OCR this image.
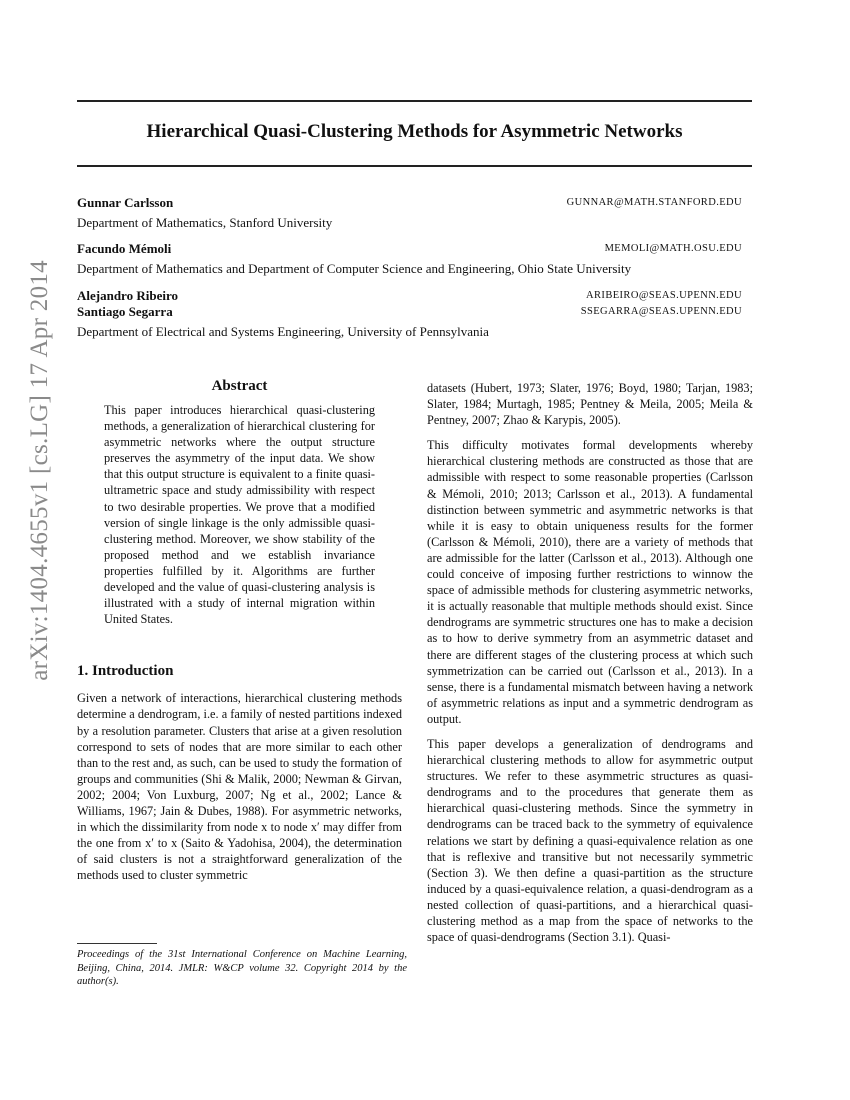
arXiv:1404.4655v1 [cs.LG] 17 Apr 2014
Hierarchical Quasi-Clustering Methods for Asymmetric Networks
Gunnar Carlsson	GUNNAR@MATH.STANFORD.EDU
Department of Mathematics, Stanford University
Facundo Mémoli	MEMOLI@MATH.OSU.EDU
Department of Mathematics and Department of Computer Science and Engineering, Ohio State University
Alejandro Ribeiro	ARIBEIRO@SEAS.UPENN.EDU
Santiago Segarra	SSEGARRA@SEAS.UPENN.EDU
Department of Electrical and Systems Engineering, University of Pennsylvania
Abstract

This paper introduces hierarchical quasi-clustering methods, a generalization of hierarchical clustering for asymmetric networks where the output structure preserves the asymmetry of the input data. We show that this output structure is equivalent to a finite quasi-ultrametric space and study admissibility with respect to two desirable properties. We prove that a modified version of single linkage is the only admissible quasi-clustering method. Moreover, we show stability of the proposed method and we establish invariance properties fulfilled by it. Algorithms are further developed and the value of quasi-clustering analysis is illustrated with a study of internal migration within United States.

1. Introduction

Given a network of interactions, hierarchical clustering methods determine a dendrogram, i.e. a family of nested partitions indexed by a resolution parameter. Clusters that arise at a given resolution correspond to sets of nodes that are more similar to each other than to the rest and, as such, can be used to study the formation of groups and communities (Shi & Malik, 2000; Newman & Girvan, 2002; 2004; Von Luxburg, 2007; Ng et al., 2002; Lance & Williams, 1967; Jain & Dubes, 1988). For asymmetric networks, in which the dissimilarity from node x to node x′ may differ from the one from x′ to x (Saito & Yadohisa, 2004), the determination of said clusters is not a straightforward generalization of the methods used to cluster symmetric

datasets (Hubert, 1973; Slater, 1976; Boyd, 1980; Tarjan, 1983; Slater, 1984; Murtagh, 1985; Pentney & Meila, 2005; Meila & Pentney, 2007; Zhao & Karypis, 2005).

This difficulty motivates formal developments whereby hierarchical clustering methods are constructed as those that are admissible with respect to some reasonable properties (Carlsson & Mémoli, 2010; 2013; Carlsson et al., 2013). A fundamental distinction between symmetric and asymmetric networks is that while it is easy to obtain uniqueness results for the former (Carlsson & Mémoli, 2010), there are a variety of methods that are admissible for the latter (Carlsson et al., 2013). Although one could conceive of imposing further restrictions to winnow the space of admissible methods for clustering asymmetric networks, it is actually reasonable that multiple methods should exist. Since dendrograms are symmetric structures one has to make a decision as to how to derive symmetry from an asymmetric dataset and there are different stages of the clustering process at which such symmetrization can be carried out (Carlsson et al., 2013). In a sense, there is a fundamental mismatch between having a network of asymmetric relations as input and a symmetric dendrogram as output.

This paper develops a generalization of dendrograms and hierarchical clustering methods to allow for asymmetric output structures. We refer to these asymmetric structures as quasi-dendrograms and to the procedures that generate them as hierarchical quasi-clustering methods. Since the symmetry in dendrograms can be traced back to the symmetry of equivalence relations we start by defining a quasi-equivalence relation as one that is reflexive and transitive but not necessarily symmetric (Section 3). We then define a quasi-partition as the structure induced by a quasi-equivalence relation, a quasi-dendrogram as a nested collection of quasi-partitions, and a hierarchical quasi-clustering method as a map from the space of networks to the space of quasi-dendrograms (Section 3.1). Quasi-

Proceedings of the 31st International Conference on Machine Learning, Beijing, China, 2014. JMLR: W&CP volume 32. Copyright 2014 by the author(s).
